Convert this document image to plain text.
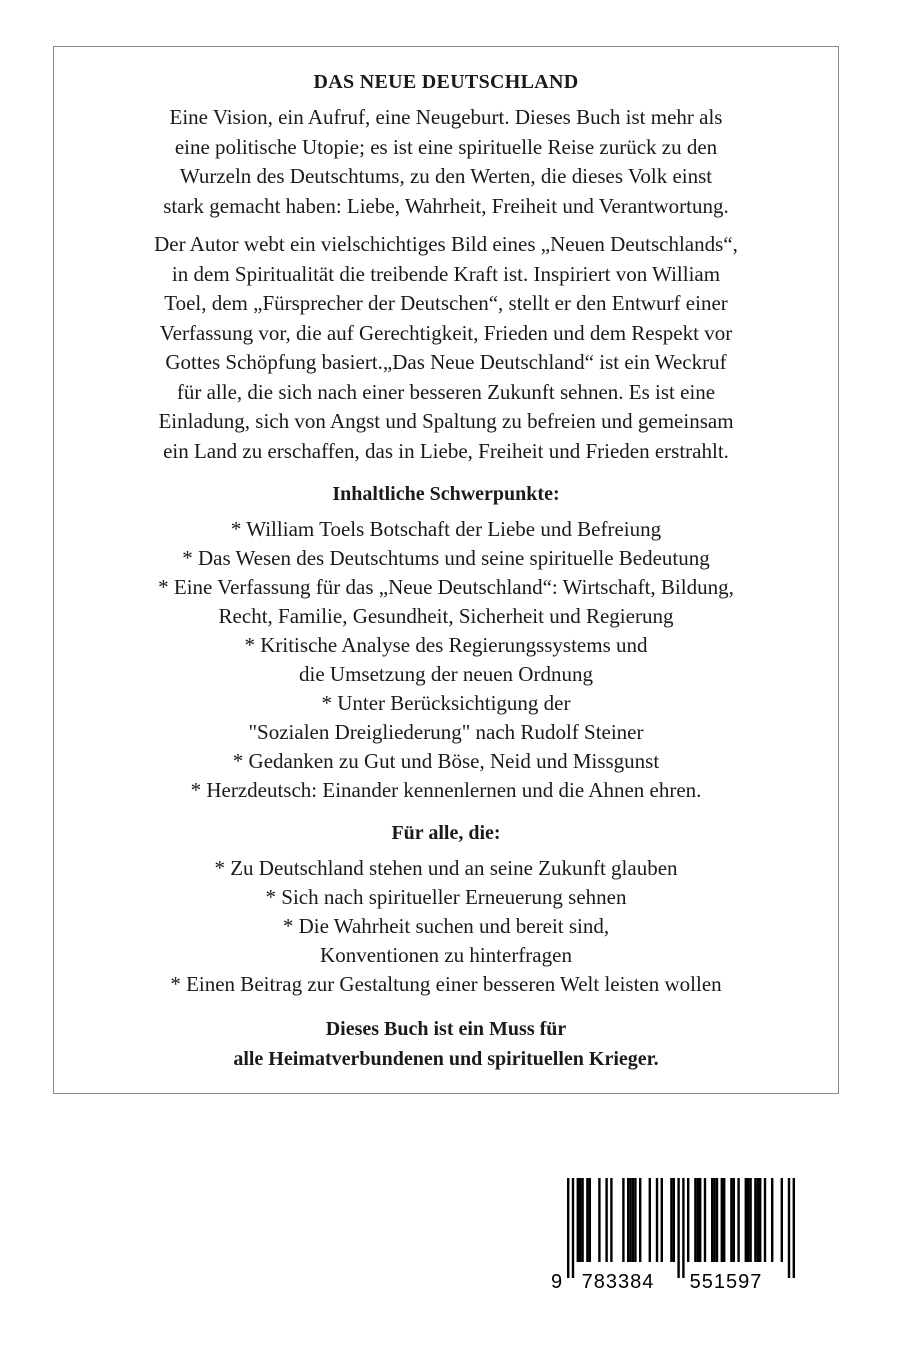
DAS NEUE DEUTSCHLAND

Eine Vision, ein Aufruf, eine Neugeburt. Dieses Buch ist mehr als
eine politische Utopie; es ist eine spirituelle Reise zurück zu den
Wurzeln des Deutschtums, zu den Werten, die dieses Volk einst
stark gemacht haben: Liebe, Wahrheit, Freiheit und Verantwortung.

Der Autor webt ein vielschichtiges Bild eines „Neuen Deutschlands“,
in dem Spiritualität die treibende Kraft ist. Inspiriert von William
Toel, dem „Fürsprecher der Deutschen“, stellt er den Entwurf einer
Verfassung vor, die auf Gerechtigkeit, Frieden und dem Respekt vor
Gottes Schöpfung basiert.„Das Neue Deutschland“ ist ein Weckruf
für alle, die sich nach einer besseren Zukunft sehnen. Es ist eine
Einladung, sich von Angst und Spaltung zu befreien und gemeinsam
ein Land zu erschaffen, das in Liebe, Freiheit und Frieden erstrahlt.

Inhaltliche Schwerpunkte:
* William Toels Botschaft der Liebe und Befreiung
* Das Wesen des Deutschtums und seine spirituelle Bedeutung
* Eine Verfassung für das „Neue Deutschland“: Wirtschaft, Bildung,
Recht, Familie, Gesundheit, Sicherheit und Regierung
* Kritische Analyse des Regierungssystems und
die Umsetzung der neuen Ordnung
* Unter Berücksichtigung der
"Sozialen Dreigliederung" nach Rudolf Steiner
* Gedanken zu Gut und Böse, Neid und Missgunst
* Herzdeutsch: Einander kennenlernen und die Ahnen ehren.
Für alle, die:
* Zu Deutschland stehen und an seine Zukunft glauben
* Sich nach spiritueller Erneuerung sehnen
* Die Wahrheit suchen und bereit sind,
Konventionen zu hinterfragen
* Einen Beitrag zur Gestaltung einer besseren Welt leisten wollen

Dieses Buch ist ein Muss für
alle Heimatverbundenen und spirituellen Krieger.

9 783384 551597
